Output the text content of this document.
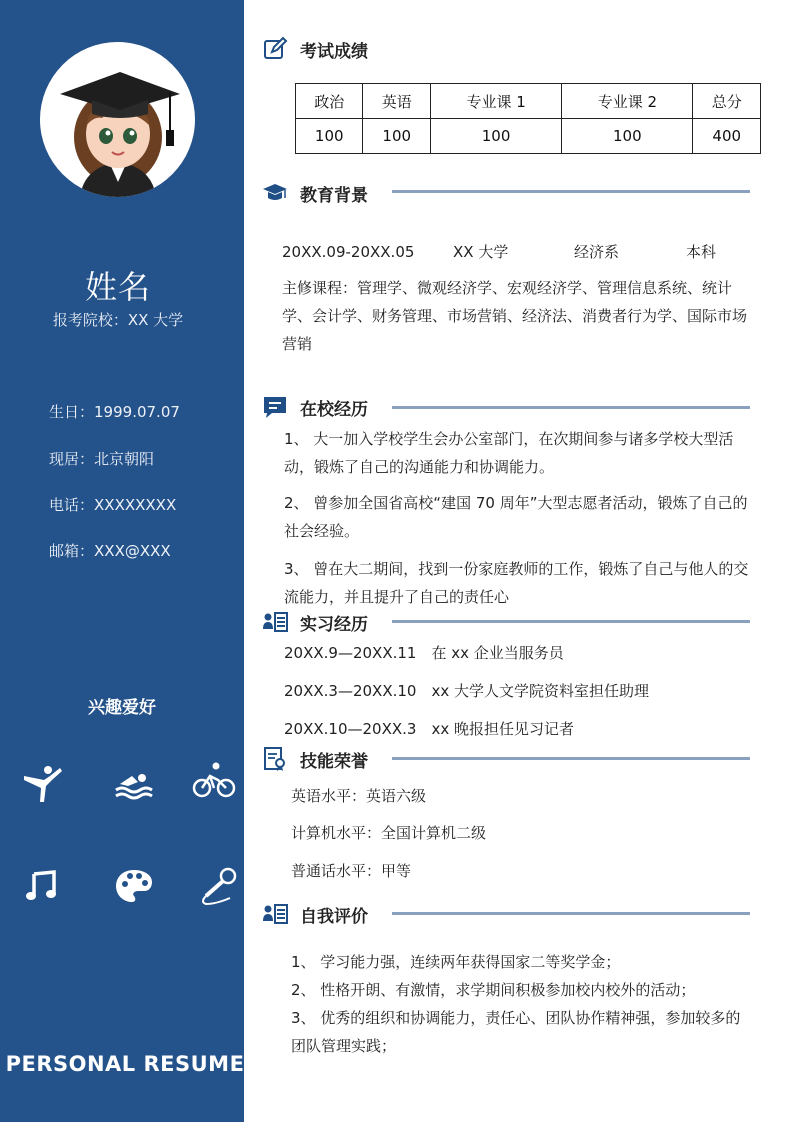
姓名
报考院校：XX 大学
生日：1999.07.07
现居：北京朝阳
电话：XXXXXXXX
邮箱：XXX@XXX
兴趣爱好
PERSONAL RESUME
考试成绩
政治	英语	专业课 1	专业课 2	总分
100	100	100	100	400
教育背景
20XX.09-20XX.05	XX 大学	经济系	本科
主修课程：管理学、微观经济学、宏观经济学、管理信息系统、统计学、会计学、财务管理、市场营销、经济法、消费者行为学、国际市场营销
在校经历
1、 大一加入学校学生会办公室部门，在次期间参与诸多学校大型活动，锻炼了自己的沟通能力和协调能力。
2、 曾参加全国省高校“建国 70 周年”大型志愿者活动，锻炼了自己的社会经验。
3、 曾在大二期间，找到一份家庭教师的工作，锻炼了自己与他人的交流能力，并且提升了自己的责任心
实习经历
20XX.9—20XX.11　在 xx 企业当服务员
20XX.3—20XX.10　xx 大学人文学院资料室担任助理
20XX.10—20XX.3　xx 晚报担任见习记者
技能荣誉
英语水平：英语六级
计算机水平：全国计算机二级
普通话水平：甲等
自我评价
1、 学习能力强，连续两年获得国家二等奖学金；
2、 性格开朗、有激情，求学期间积极参加校内校外的活动；
3、 优秀的组织和协调能力，责任心、团队协作精神强，参加较多的团队管理实践；
